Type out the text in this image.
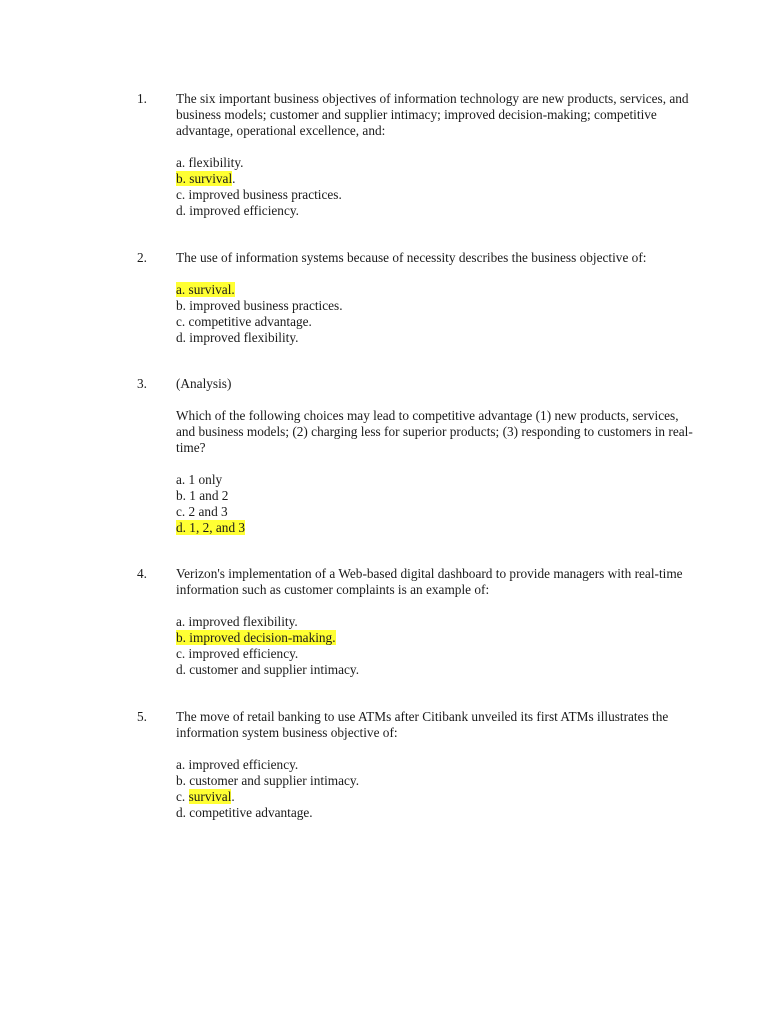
1. The six important business objectives of information technology are new products, services, and business models; customer and supplier intimacy; improved decision-making; competitive advantage, operational excellence, and:

a. flexibility.
b. survival.
c. improved business practices.
d. improved efficiency.
2. The use of information systems because of necessity describes the business objective of:

a. survival.
b. improved business practices.
c. competitive advantage.
d. improved flexibility.
3. (Analysis)

Which of the following choices may lead to competitive advantage (1) new products, services, and business models; (2) charging less for superior products; (3) responding to customers in real-time?

a. 1 only
b. 1 and 2
c. 2 and 3
d. 1, 2, and 3
4. Verizon's implementation of a Web-based digital dashboard to provide managers with real-time information such as customer complaints is an example of:

a. improved flexibility.
b. improved decision-making.
c. improved efficiency.
d. customer and supplier intimacy.
5. The move of retail banking to use ATMs after Citibank unveiled its first ATMs illustrates the information system business objective of:

a. improved efficiency.
b. customer and supplier intimacy.
c. survival.
d. competitive advantage.
